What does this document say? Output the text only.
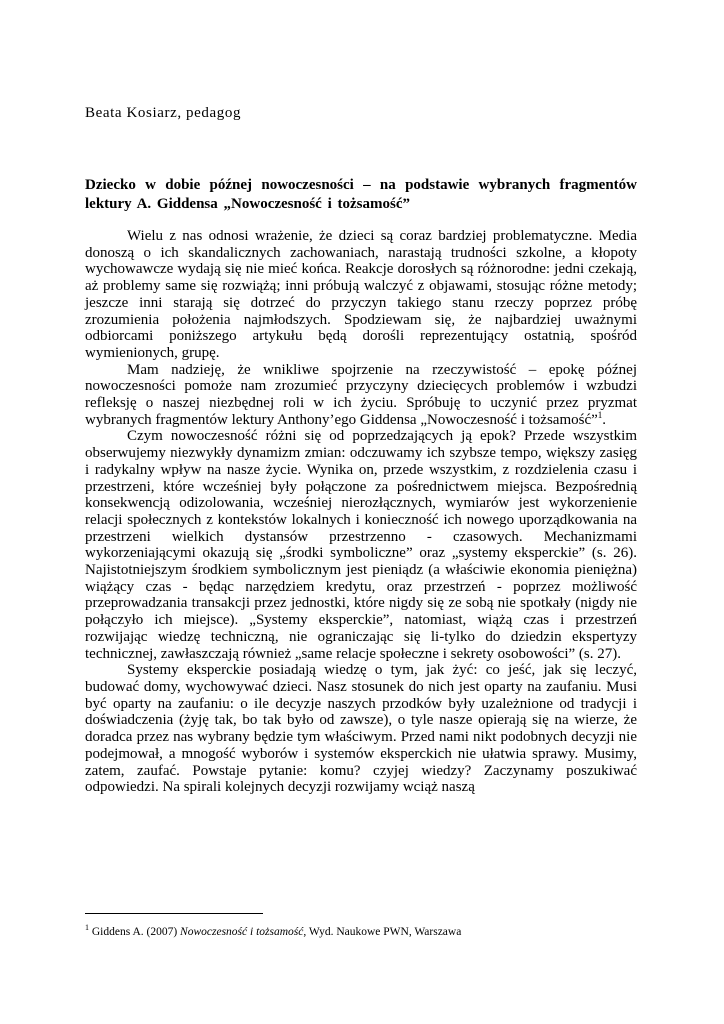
Beata Kosiarz, pedagog
Dziecko w dobie późnej nowoczesności – na podstawie wybranych fragmentów lektury A. Giddensa „Nowoczesność i tożsamość”

Wielu z nas odnosi wrażenie, że dzieci są coraz bardziej problematyczne. Media donoszą o ich skandalicznych zachowaniach, narastają trudności szkolne, a kłopoty wychowawcze wydają się nie mieć końca. Reakcje dorosłych są różnorodne: jedni czekają, aż problemy same się rozwiążą; inni próbują walczyć z objawami, stosując różne metody; jeszcze inni starają się dotrzeć do przyczyn takiego stanu rzeczy poprzez próbę zrozumienia położenia najmłodszych. Spodziewam się, że najbardziej uważnymi odbiorcami poniższego artykułu będą dorośli reprezentujący ostatnią, spośród wymienionych, grupę.

Mam nadzieję, że wnikliwe spojrzenie na rzeczywistość – epokę późnej nowoczesności pomoże nam zrozumieć przyczyny dziecięcych problemów i wzbudzi refleksję o naszej niezbędnej roli w ich życiu. Spróbuję to uczynić przez pryzmat wybranych fragmentów lektury Anthony’ego Giddensa „Nowoczesność i tożsamość”$^1$.

Czym nowoczesność różni się od poprzedzających ją epok? Przede wszystkim obserwujemy niezwykły dynamizm zmian: odczuwamy ich szybsze tempo, większy zasięg i radykalny wpływ na nasze życie. Wynika on, przede wszystkim, z rozdzielenia czasu i przestrzeni, które wcześniej były połączone za pośrednictwem miejsca. Bezpośrednią konsekwencją odizolowania, wcześniej nierozłącznych, wymiarów jest wykorzenienie relacji społecznych z kontekstów lokalnych i konieczność ich nowego uporządkowania na przestrzeni wielkich dystansów przestrzenno - czasowych. Mechanizmami wykorzeniającymi okazują się „środki symboliczne” oraz „systemy eksperckie” (s. 26). Najistotniejszym środkiem symbolicznym jest pieniądz (a właściwie ekonomia pieniężna) wiążący czas - będąc narzędziem kredytu, oraz przestrzeń - poprzez możliwość przeprowadzania transakcji przez jednostki, które nigdy się ze sobą nie spotkały (nigdy nie połączyło ich miejsce). „Systemy eksperckie”, natomiast, wiążą czas i przestrzeń rozwijając wiedzę techniczną, nie ograniczając się li-tylko do dziedzin ekspertyzy technicznej, zawłaszczają również „same relacje społeczne i sekrety osobowości” (s. 27).

Systemy eksperckie posiadają wiedzę o tym, jak żyć: co jeść, jak się leczyć, budować domy, wychowywać dzieci. Nasz stosunek do nich jest oparty na zaufaniu. Musi być oparty na zaufaniu: o ile decyzje naszych przodków były uzależnione od tradycji i doświadczenia (żyję tak, bo tak było od zawsze), o tyle nasze opierają się na wierze, że doradca przez nas wybrany będzie tym właściwym. Przed nami nikt podobnych decyzji nie podejmował, a mnogość wyborów i systemów eksperckich nie ułatwia sprawy. Musimy, zatem, zaufać. Powstaje pytanie: komu? czyjej wiedzy? Zaczynamy poszukiwać odpowiedzi. Na spirali kolejnych decyzji rozwijamy wciąż naszą

$^1$ Giddens A. (2007) Nowoczesność i tożsamość, Wyd. Naukowe PWN, Warszawa
